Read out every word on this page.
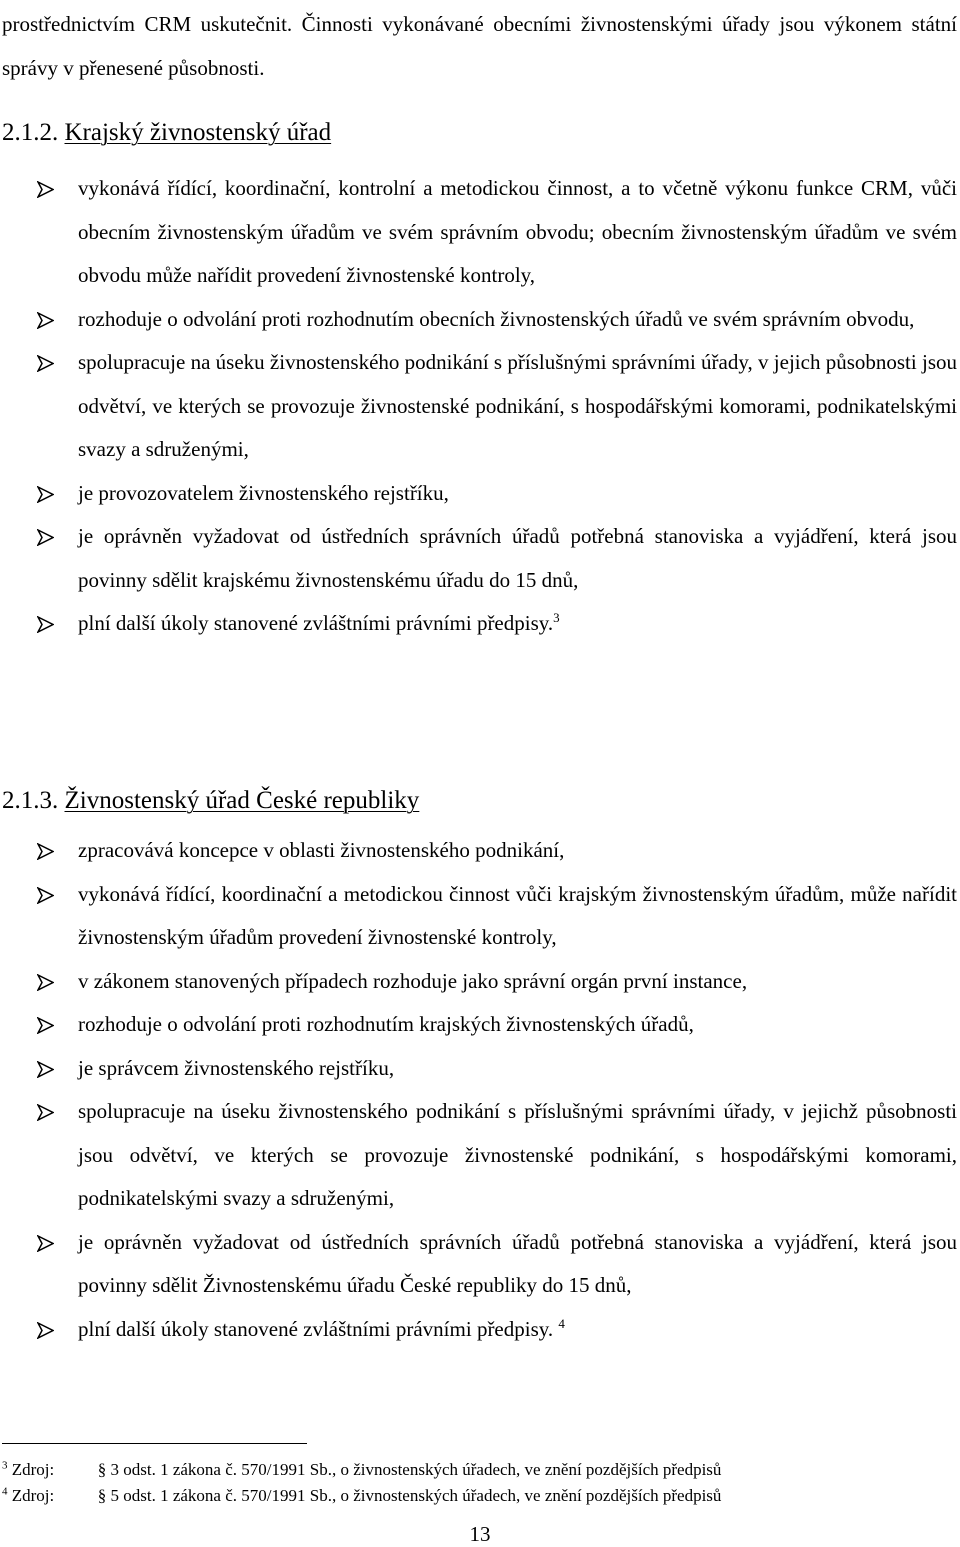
prostřednictvím CRM uskutečnit. Činnosti vykonávané obecními živnostenskými úřady jsou výkonem státní správy v přenesené působnosti.
2.1.2. Krajský živnostenský úřad
vykonává řídící, koordinační, kontrolní a metodickou činnost, a to včetně výkonu funkce CRM, vůči obecním živnostenským úřadům ve svém správním obvodu; obecním živnostenským úřadům ve svém obvodu může nařídit provedení živnostenské kontroly,
rozhoduje o odvolání proti rozhodnutím obecních živnostenských úřadů ve svém správním obvodu,
spolupracuje na úseku živnostenského podnikání s příslušnými správními úřady, v jejich působnosti jsou odvětví, ve kterých se provozuje živnostenské podnikání, s hospodářskými komorami, podnikatelskými svazy a sdruženými,
je provozovatelem živnostenského rejstříku,
je oprávněn vyžadovat od ústředních správních úřadů potřebná stanoviska a vyjádření, která jsou povinny sdělit krajskému živnostenskému úřadu do 15 dnů,
plní další úkoly stanovené zvláštními právními předpisy.$^3$
2.1.3. Živnostenský úřad České republiky
zpracovává koncepce v oblasti živnostenského podnikání,
vykonává řídící, koordinační a metodickou činnost vůči krajským živnostenským úřadům, může nařídit živnostenským úřadům provedení živnostenské kontroly,
v zákonem stanovených případech rozhoduje jako správní orgán první instance,
rozhoduje o odvolání proti rozhodnutím krajských živnostenských úřadů,
je správcem živnostenského rejstříku,
spolupracuje na úseku živnostenského podnikání s příslušnými správními úřady, v jejichž působnosti jsou odvětví, ve kterých se provozuje živnostenské podnikání, s hospodářskými komorami, podnikatelskými svazy a sdruženými,
je oprávněn vyžadovat od ústředních správních úřadů potřebná stanoviska a vyjádření, která jsou povinny sdělit Živnostenskému úřadu České republiky do 15 dnů,
plní další úkoly stanovené zvláštními právními předpisy. $^4$
$^3$ Zdroj:	§ 3 odst. 1 zákona č. 570/1991 Sb., o živnostenských úřadech, ve znění pozdějších předpisů
$^4$ Zdroj:	§ 5 odst. 1 zákona č. 570/1991 Sb., o živnostenských úřadech, ve znění pozdějších předpisů
13
